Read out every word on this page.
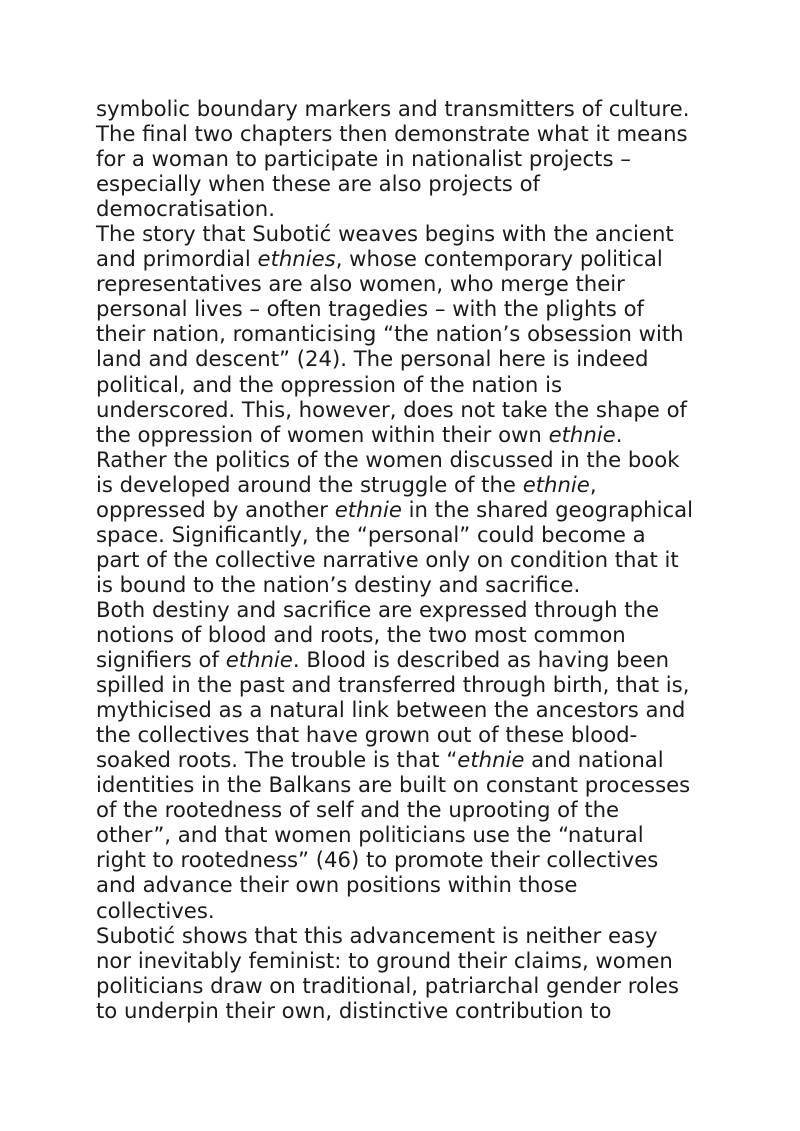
symbolic boundary markers and transmitters of culture.
The final two chapters then demonstrate what it means
for a woman to participate in nationalist projects –
especially when these are also projects of
democratisation.
The story that Subotić weaves begins with the ancient
and primordial ethnies, whose contemporary political
representatives are also women, who merge their
personal lives – often tragedies – with the plights of
their nation, romanticising “the nation’s obsession with
land and descent” (24). The personal here is indeed
political, and the oppression of the nation is
underscored. This, however, does not take the shape of
the oppression of women within their own ethnie.
Rather the politics of the women discussed in the book
is developed around the struggle of the ethnie,
oppressed by another ethnie in the shared geographical
space. Significantly, the “personal” could become a
part of the collective narrative only on condition that it
is bound to the nation’s destiny and sacrifice.
Both destiny and sacrifice are expressed through the
notions of blood and roots, the two most common
signifiers of ethnie. Blood is described as having been
spilled in the past and transferred through birth, that is,
mythicised as a natural link between the ancestors and
the collectives that have grown out of these blood-
soaked roots. The trouble is that “ethnie and national
identities in the Balkans are built on constant processes
of the rootedness of self and the uprooting of the
other”, and that women politicians use the “natural
right to rootedness” (46) to promote their collectives
and advance their own positions within those
collectives.
Subotić shows that this advancement is neither easy
nor inevitably feminist: to ground their claims, women
politicians draw on traditional, patriarchal gender roles
to underpin their own, distinctive contribution to
